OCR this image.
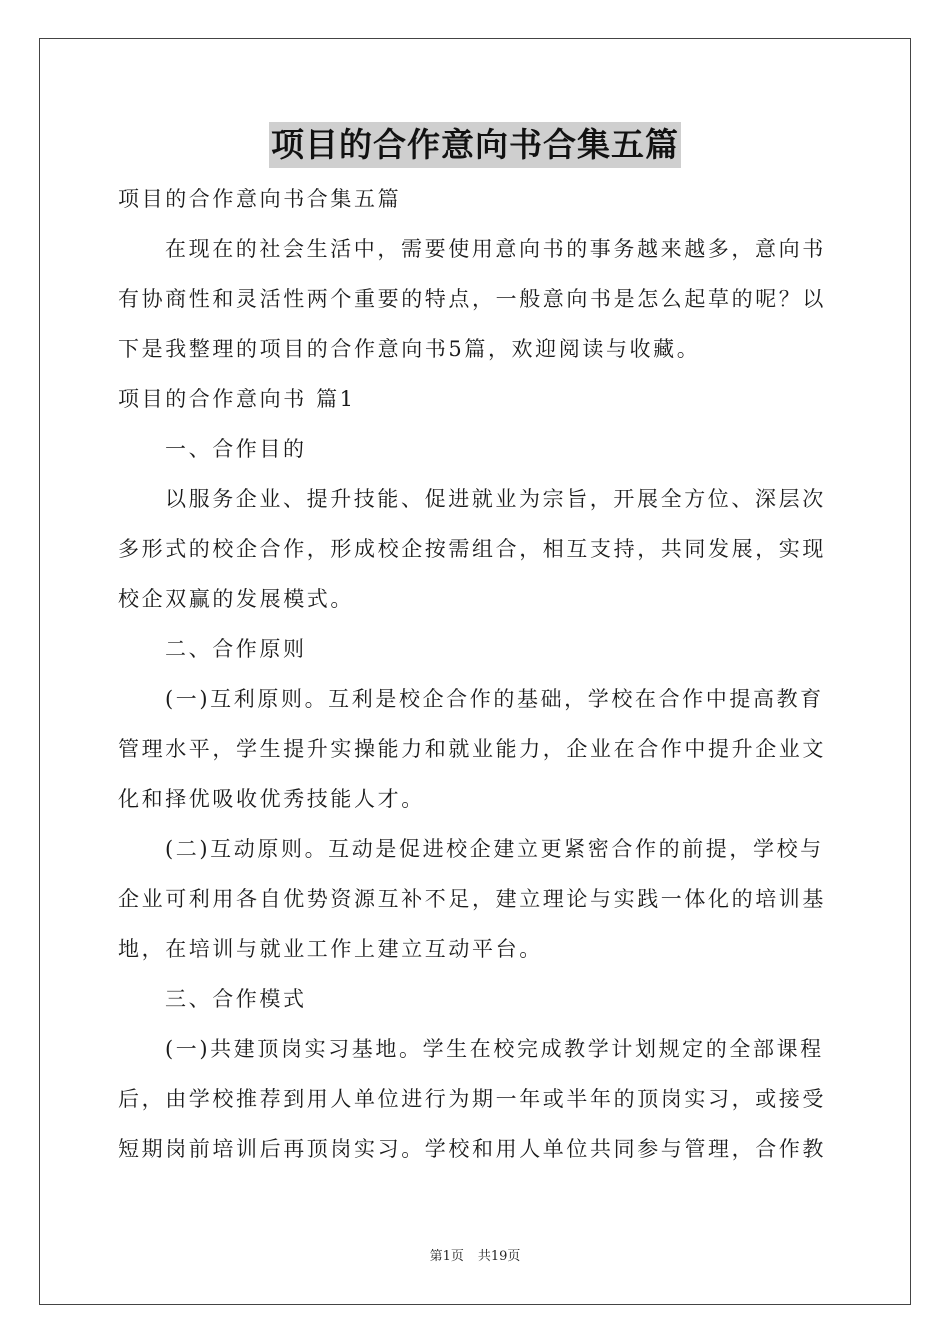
项目的合作意向书合集五篇
项目的合作意向书合集五篇
在现在的社会生活中，需要使用意向书的事务越来越多，意向书
有协商性和灵活性两个重要的特点，一般意向书是怎么起草的呢？以
下是我整理的项目的合作意向书5篇，欢迎阅读与收藏。
项目的合作意向书 篇1
一、合作目的
以服务企业、提升技能、促进就业为宗旨，开展全方位、深层次
多形式的校企合作，形成校企按需组合，相互支持，共同发展，实现
校企双赢的发展模式。
二、合作原则
(一)互利原则。互利是校企合作的基础，学校在合作中提高教育
管理水平，学生提升实操能力和就业能力，企业在合作中提升企业文
化和择优吸收优秀技能人才。
(二)互动原则。互动是促进校企建立更紧密合作的前提，学校与
企业可利用各自优势资源互补不足，建立理论与实践一体化的培训基
地，在培训与就业工作上建立互动平台。
三、合作模式
(一)共建顶岗实习基地。学生在校完成教学计划规定的全部课程
后，由学校推荐到用人单位进行为期一年或半年的顶岗实习，或接受
短期岗前培训后再顶岗实习。学校和用人单位共同参与管理，合作教
第1页 共19页
